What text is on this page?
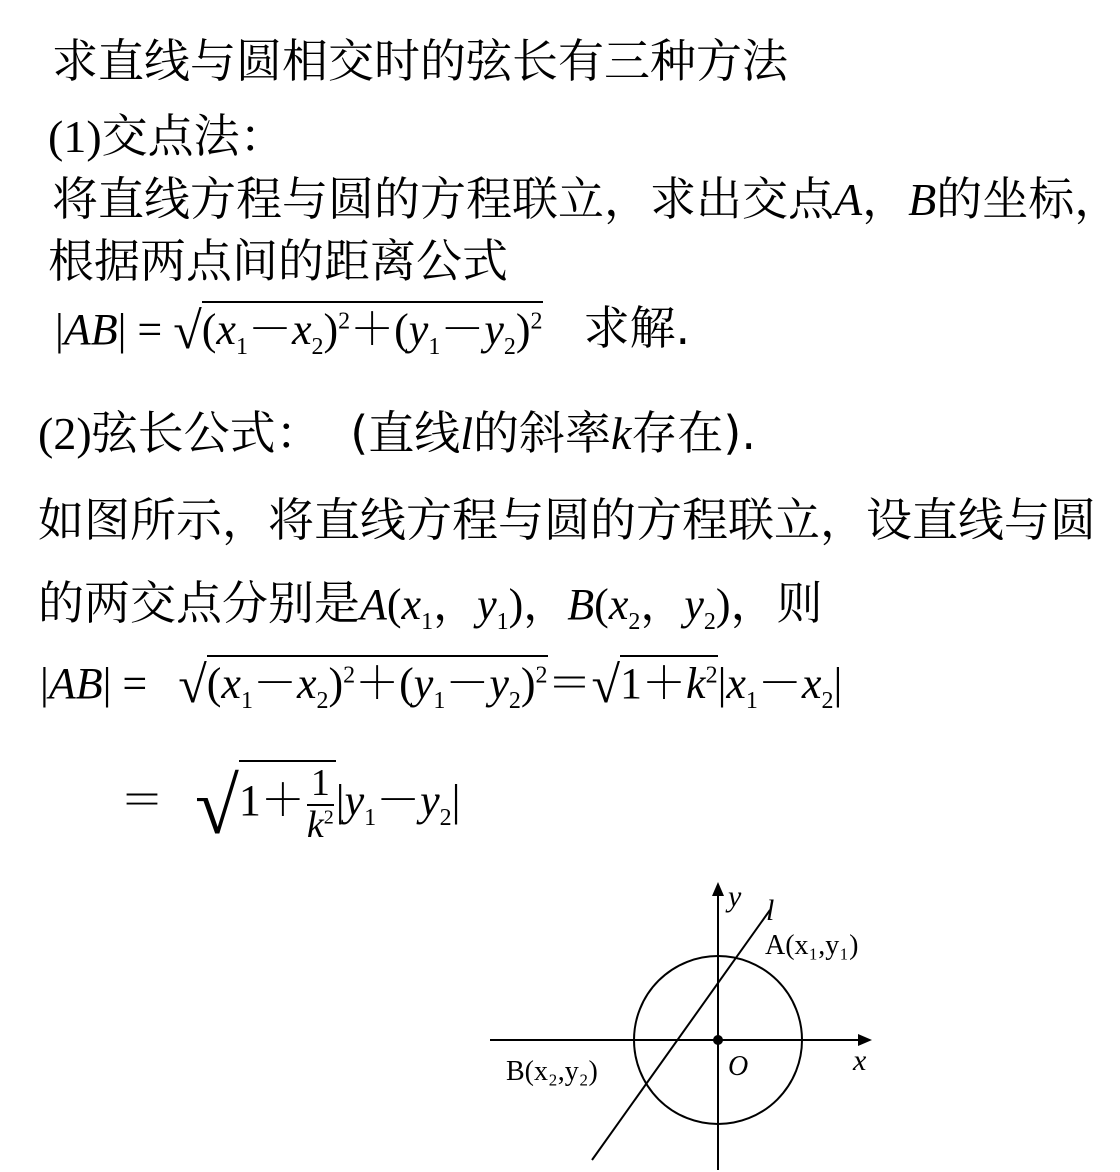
求直线与圆相交时的弦长有三种方法
(1)交点法：
将直线方程与圆的方程联立，求出交点A，B的坐标，
根据两点间的距离公式
$|AB| = √(x_1-x_2)^2+(y_1-y_2)^2$ 求解.
(2)弦长公式： (直线l的斜率k存在).
如图所示，将直线方程与圆的方程联立，设直线与圆
的两交点分别是$A(x_1$，$y_1$)，$B(x_2$，$y_2$)，则
$|AB| = √(x_1-x_2)^2+(y_1-y_2)^2=√1+k^2|x_1-x_2|$
＝ $√1+ \frac{1}{k^2} |y_1-y_2|$
y l
A(x₁,y₁)
B(x₂,y₂)	O	x
